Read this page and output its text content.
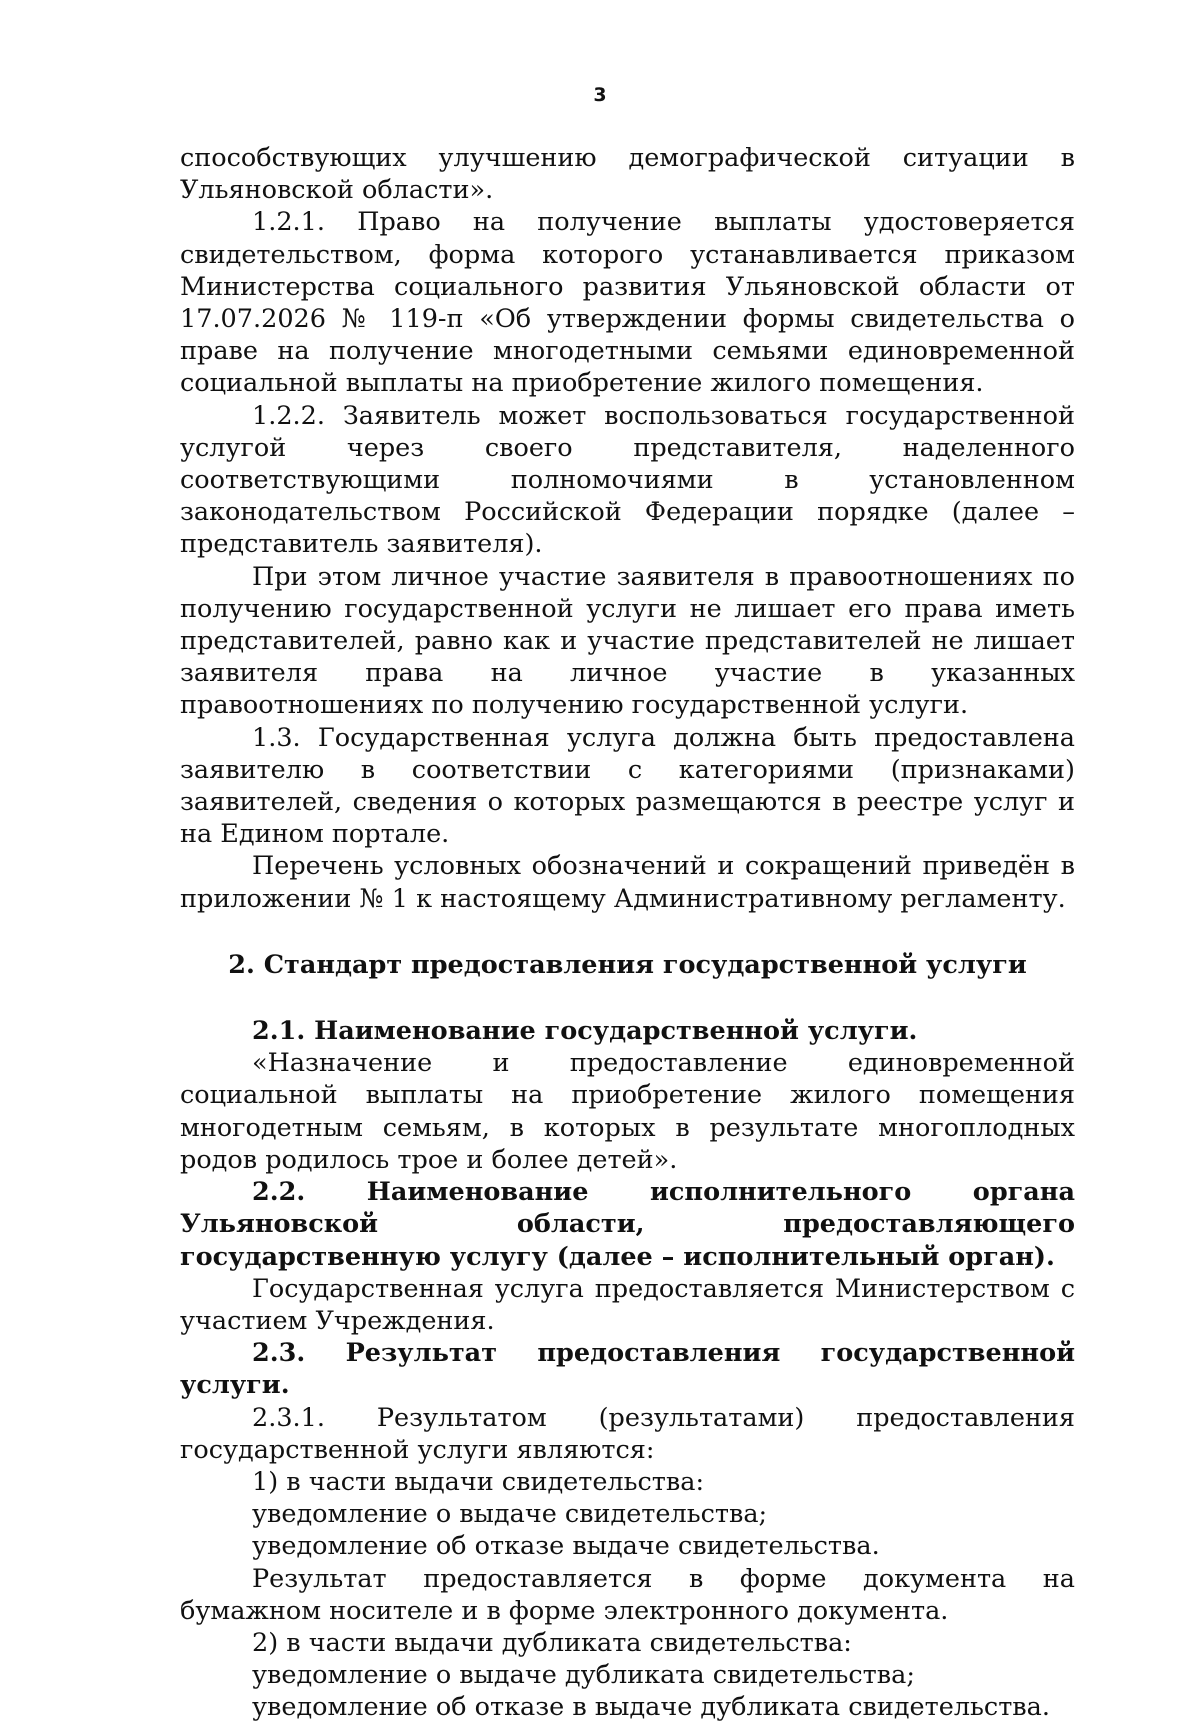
3

способствующих улучшению демографической ситуации в Ульяновской области».

1.2.1. Право на получение выплаты удостоверяется свидетельством, форма которого устанавливается приказом Министерства социального развития Ульяновской области от 17.07.2026 № 119-п «Об утверждении формы свидетельства о праве на получение многодетными семьями единовременной социальной выплаты на приобретение жилого помещения.

1.2.2. Заявитель может воспользоваться государственной услугой через своего представителя, наделенного соответствующими полномочиями в установленном законодательством Российской Федерации порядке (далее – представитель заявителя).

При этом личное участие заявителя в правоотношениях по получению государственной услуги не лишает его права иметь представителей, равно как и участие представителей не лишает заявителя права на личное участие в указанных правоотношениях по получению государственной услуги.

1.3. Государственная услуга должна быть предоставлена заявителю в соответствии с категориями (признаками) заявителей, сведения о которых размещаются в реестре услуг и на Едином портале.

Перечень условных обозначений и сокращений приведён в приложении № 1 к настоящему Административному регламенту.

2. Стандарт предоставления государственной услуги

2.1. Наименование государственной услуги.

«Назначение и предоставление единовременной социальной выплаты на приобретение жилого помещения многодетным семьям, в которых в результате многоплодных родов родилось трое и более детей».

2.2. Наименование исполнительного органа Ульяновской области, предоставляющего государственную услугу (далее – исполнительный орган).

Государственная услуга предоставляется Министерством с участием Учреждения.

2.3. Результат предоставления государственной услуги.

2.3.1. Результатом (результатами) предоставления государственной услуги являются:

1) в части выдачи свидетельства:

уведомление о выдаче свидетельства;

уведомление об отказе выдаче свидетельства.

Результат предоставляется в форме документа на бумажном носителе и в форме электронного документа.

2) в части выдачи дубликата свидетельства:

уведомление о выдаче дубликата свидетельства;

уведомление об отказе в выдаче дубликата свидетельства.
